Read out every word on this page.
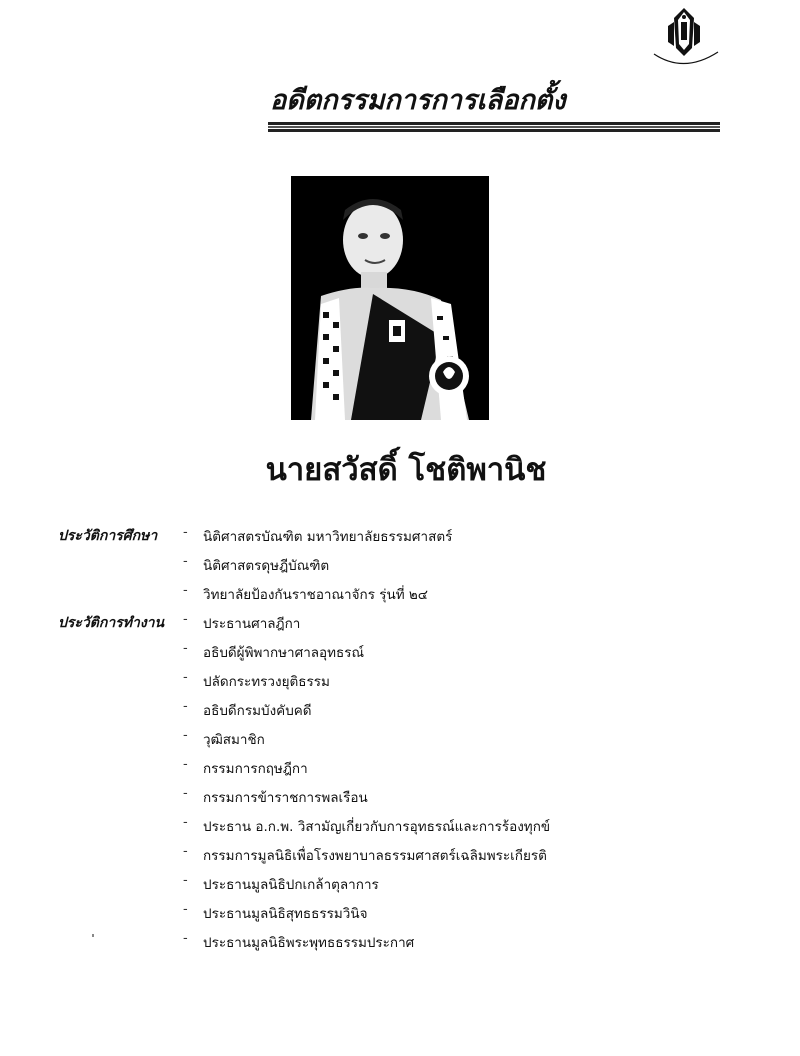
อดีตกรรมการการเลือกตั้ง
นายสวัสดิ์ โชติพานิช
ประวัติการศึกษา - นิติศาสตรบัณฑิต มหาวิทยาลัยธรรมศาสตร์
- นิติศาสตรดุษฎีบัณฑิต
- วิทยาลัยป้องกันราชอาณาจักร รุ่นที่ ๒๔
ประวัติการทำงาน - ประธานศาลฎีกา
- อธิบดีผู้พิพากษาศาลอุทธรณ์
- ปลัดกระทรวงยุติธรรม
- อธิบดีกรมบังคับคดี
- วุฒิสมาชิก
- กรรมการกฤษฎีกา
- กรรมการข้าราชการพลเรือน
- ประธาน อ.ก.พ. วิสามัญเกี่ยวกับการอุทธรณ์และการร้องทุกข์
- กรรมการมูลนิธิเพื่อโรงพยาบาลธรรมศาสตร์เฉลิมพระเกียรติ
- ประธานมูลนิธิปกเกล้าตุลาการ
- ประธานมูลนิธิสุทธธรรมวินิจ
- ประธานมูลนิธิพระพุทธธรรมประกาศ
